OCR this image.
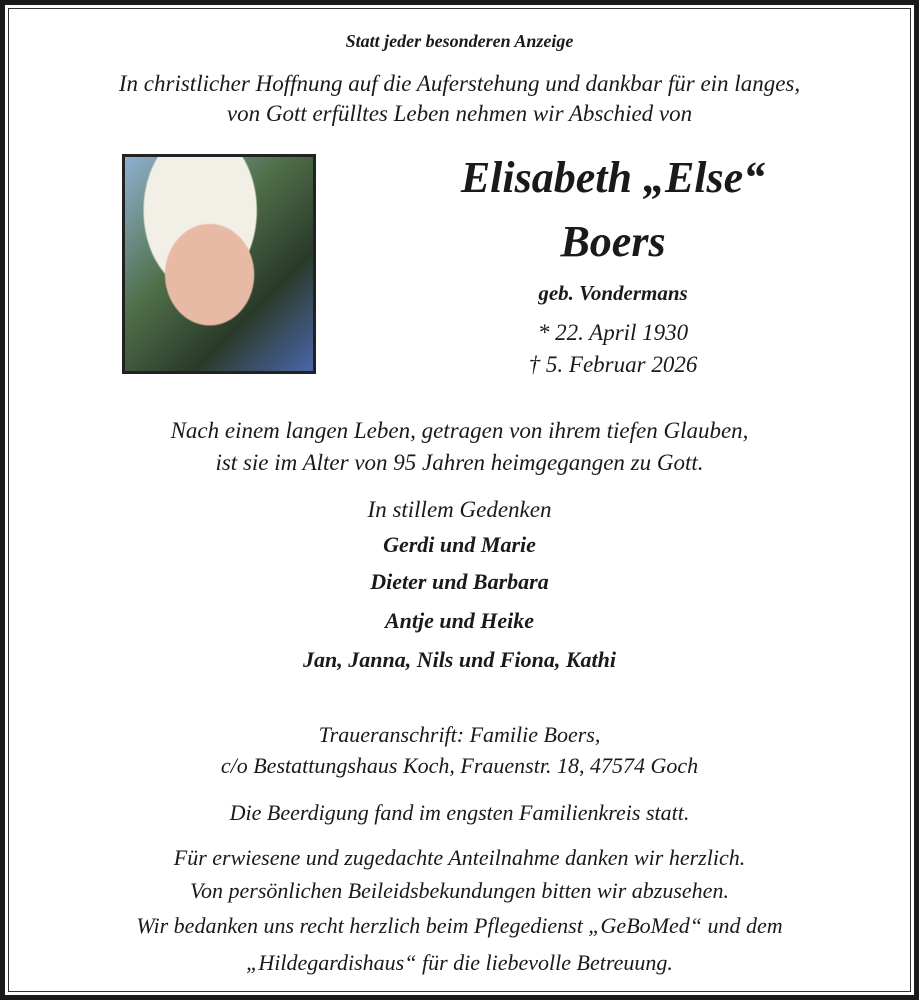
Statt jeder besonderen Anzeige
In christlicher Hoffnung auf die Auferstehung und dankbar für ein langes,
von Gott erfülltes Leben nehmen wir Abschied von
Elisabeth „Else“
Boers
geb. Vondermans
* 22. April 1930
† 5. Februar 2026
Nach einem langen Leben, getragen von ihrem tiefen Glauben,
ist sie im Alter von 95 Jahren heimgegangen zu Gott.
In stillem Gedenken
Gerdi und Marie
Dieter und Barbara
Antje und Heike
Jan, Janna, Nils und Fiona, Kathi
Traueranschrift: Familie Boers,
c/o Bestattungshaus Koch, Frauenstr. 18, 47574 Goch
Die Beerdigung fand im engsten Familienkreis statt.
Für erwiesene und zugedachte Anteilnahme danken wir herzlich.
Von persönlichen Beileidsbekundungen bitten wir abzusehen.
Wir bedanken uns recht herzlich beim Pflegedienst „GeBoMed“ und dem
„Hildegardishaus“ für die liebevolle Betreuung.
